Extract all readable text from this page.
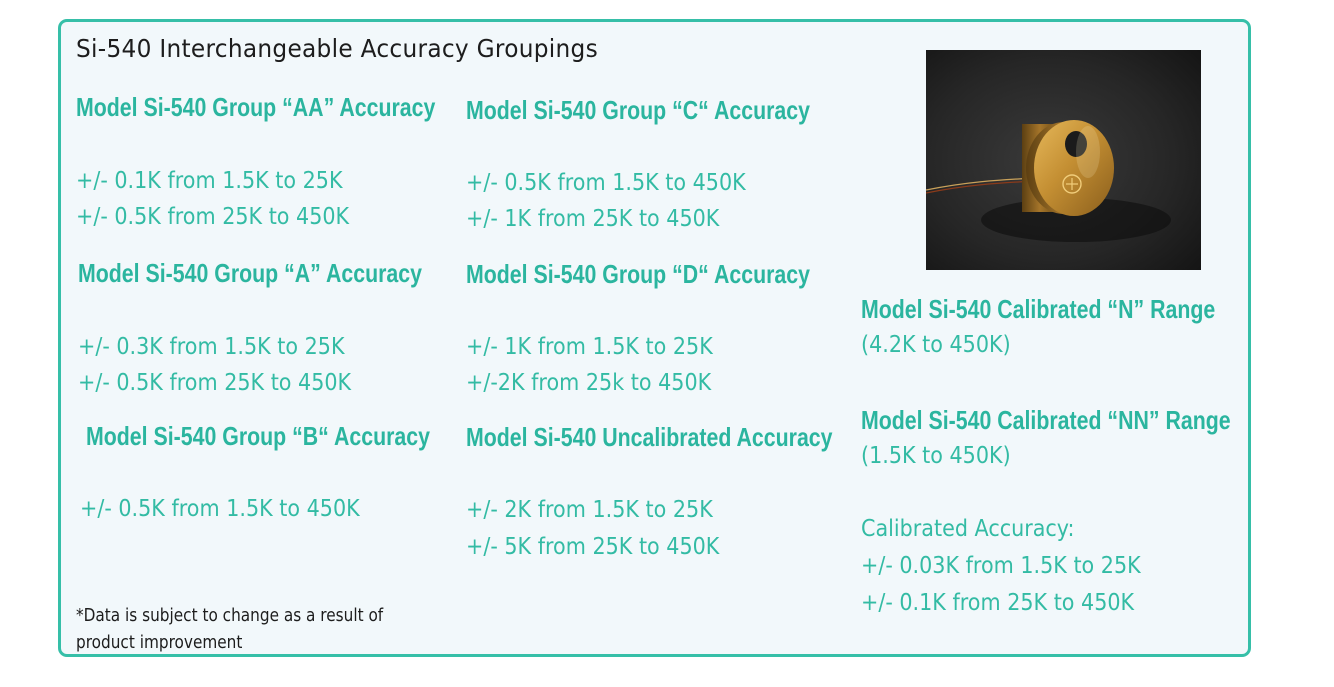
Si-540 Interchangeable Accuracy Groupings
Model Si-540 Group “AA” Accuracy
+/- 0.1K from 1.5K to 25K
+/- 0.5K from 25K to 450K
Model Si-540 Group “A” Accuracy
+/- 0.3K from 1.5K to 25K
+/- 0.5K from 25K to 450K
Model Si-540 Group “B“ Accuracy
+/- 0.5K from 1.5K to 450K
Model Si-540 Group “C“ Accuracy
+/- 0.5K from 1.5K to 450K
+/- 1K from 25K to 450K
Model Si-540 Group “D“ Accuracy
+/- 1K from 1.5K to 25K
+/-2K from 25k to 450K
Model Si-540 Uncalibrated Accuracy
+/- 2K from 1.5K to 25K
+/- 5K from 25K to 450K
Model Si-540 Calibrated “N” Range
(4.2K to 450K)
Model Si-540 Calibrated “NN” Range
(1.5K to 450K)
Calibrated Accuracy:
+/- 0.03K from 1.5K to 25K
+/- 0.1K from 25K to 450K
*Data is subject to change as a result of
product improvement
